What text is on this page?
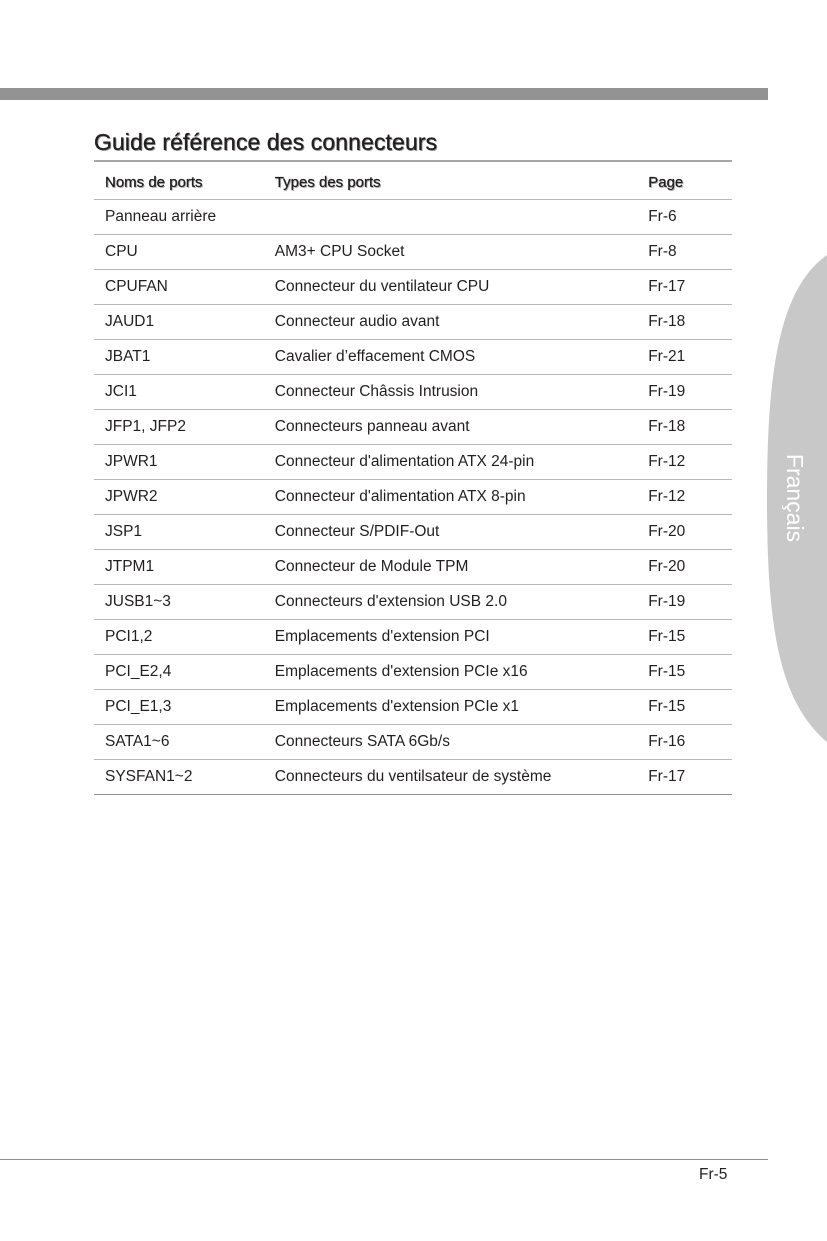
Français
Guide référence des connecteurs
Noms de ports	Types des ports	Page
Panneau arrière		Fr-6
CPU	AM3+ CPU Socket	Fr-8
CPUFAN	Connecteur du ventilateur CPU	Fr-17
JAUD1	Connecteur audio avant	Fr-18
JBAT1	Cavalier d’effacement CMOS	Fr-21
JCI1	Connecteur Châssis Intrusion	Fr-19
JFP1, JFP2	Connecteurs panneau avant	Fr-18
JPWR1	Connecteur d'alimentation ATX 24-pin	Fr-12
JPWR2	Connecteur d'alimentation ATX 8-pin	Fr-12
JSP1	Connecteur S/PDIF-Out	Fr-20
JTPM1	Connecteur de Module TPM	Fr-20
JUSB1~3	Connecteurs d'extension USB 2.0	Fr-19
PCI1,2	Emplacements d'extension PCI	Fr-15
PCI_E2,4	Emplacements d'extension PCIe x16	Fr-15
PCI_E1,3	Emplacements d'extension PCIe x1	Fr-15
SATA1~6	Connecteurs SATA 6Gb/s	Fr-16
SYSFAN1~2	Connecteurs du ventilsateur de système	Fr-17
Fr-5
